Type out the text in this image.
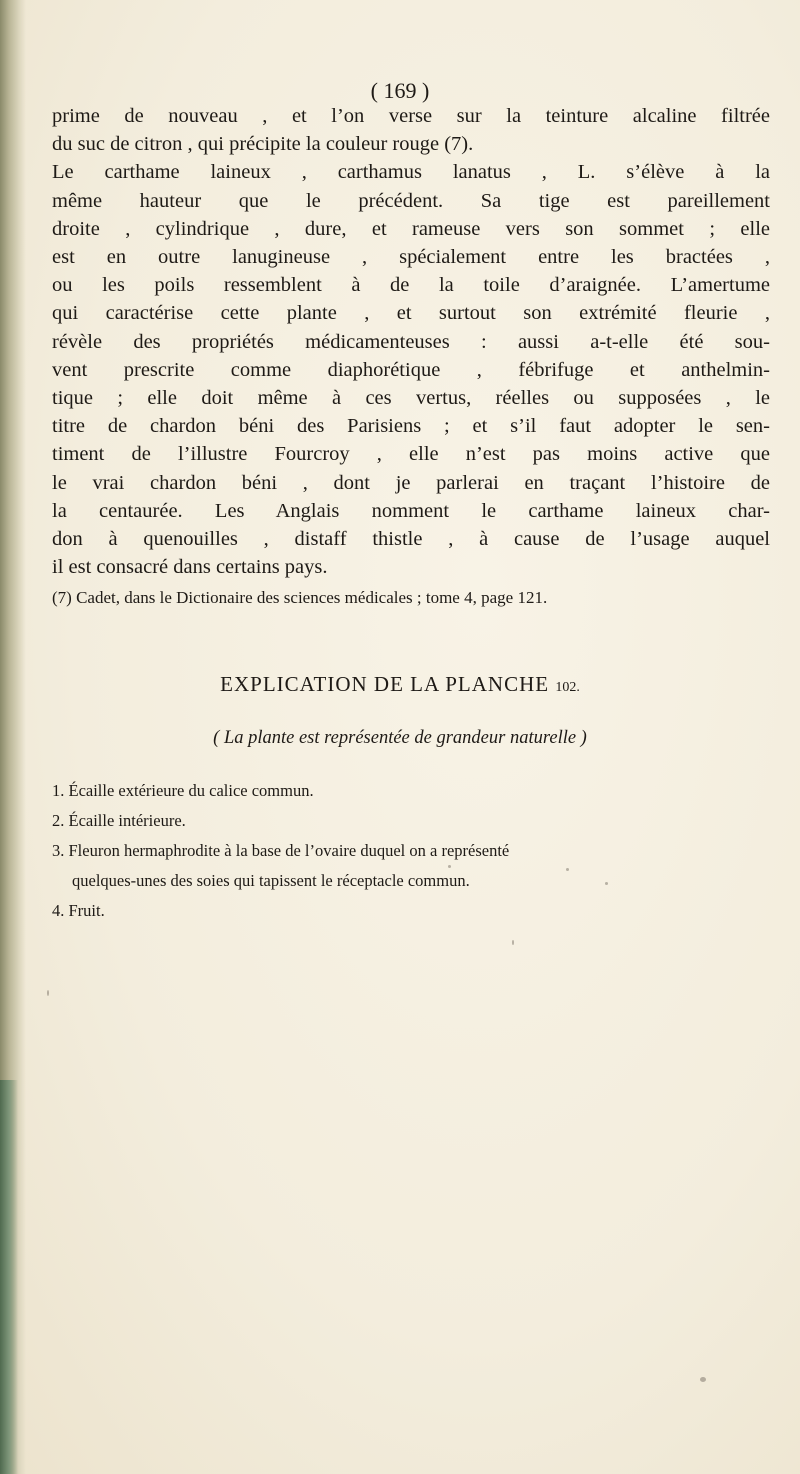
( 169 )
prime de nouveau , et l’on verse sur la teinture alcaline filtrée
du suc de citron , qui précipite la couleur rouge (7).
Le carthame laineux , carthamus lanatus , L. s’élève à la
même hauteur que le précédent. Sa tige est pareillement
droite , cylindrique , dure, et rameuse vers son sommet ; elle
est en outre lanugineuse , spécialement entre les bractées ,
ou les poils ressemblent à de la toile d’araignée. L’amertume
qui caractérise cette plante , et surtout son extrémité fleurie ,
révèle des propriétés médicamenteuses : aussi a-t-elle été sou-
vent prescrite comme diaphorétique , fébrifuge et anthelmin-
tique ; elle doit même à ces vertus, réelles ou supposées , le
titre de chardon béni des Parisiens ; et s’il faut adopter le sen-
timent de l’illustre Fourcroy , elle n’est pas moins active que
le vrai chardon béni , dont je parlerai en traçant l’histoire de
la centaurée. Les Anglais nomment le carthame laineux char-
don à quenouilles , distaff thistle , à cause de l’usage auquel
il est consacré dans certains pays.
(7) Cadet, dans le Dictionaire des sciences médicales ; tome 4, page 121.
EXPLICATION DE LA PLANCHE 102.
( La plante est représentée de grandeur naturelle )
1. Écaille extérieure du calice commun.
2. Écaille intérieure.
3. Fleuron hermaphrodite à la base de l’ovaire duquel on a représenté
quelques-unes des soies qui tapissent le réceptacle commun.
4. Fruit.
